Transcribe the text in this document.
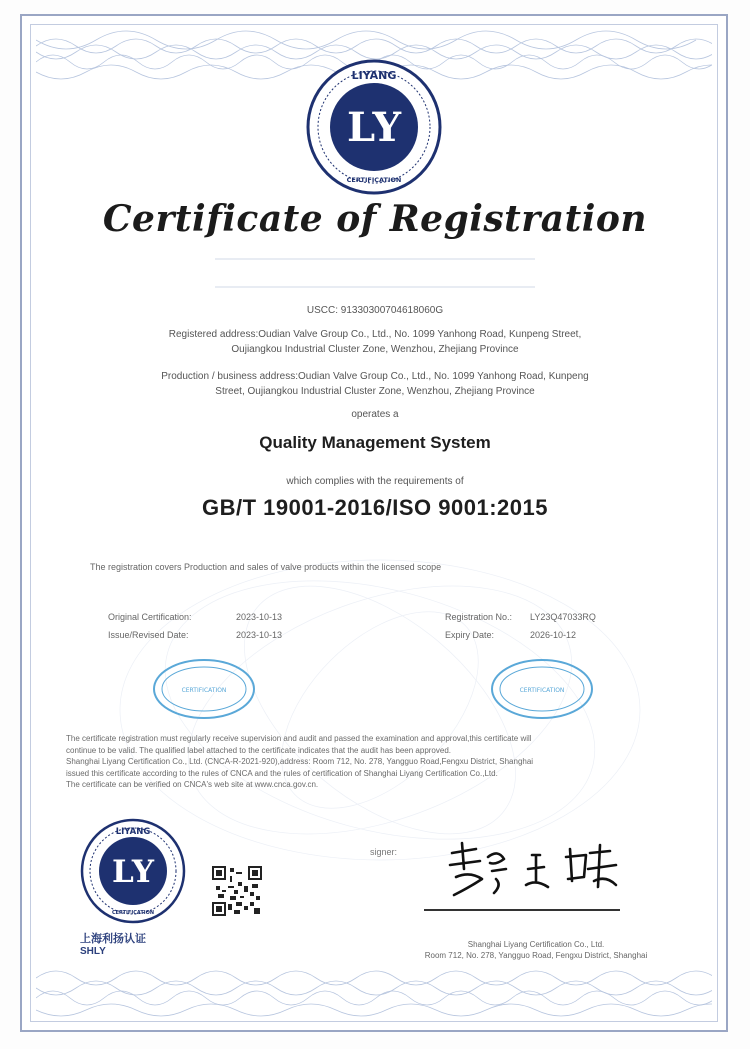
LIYANG
CERTIFICATION
LY
Certificate of Registration
USCC: 91330300704618060G
Registered address:Oudian Valve Group Co., Ltd., No. 1099 Yanhong Road, Kunpeng Street,
Oujiangkou Industrial Cluster Zone, Wenzhou, Zhejiang Province
Production / business address:Oudian Valve Group Co., Ltd., No. 1099 Yanhong Road, Kunpeng
Street, Oujiangkou Industrial Cluster Zone, Wenzhou, Zhejiang Province
operates a
Quality Management System
which complies with the requirements of
GB/T 19001-2016/ISO 9001:2015
The registration covers Production and sales of valve products within the licensed scope
Original Certification:	2023-10-13
Issue/Revised Date:	2023-10-13
Registration No.: LY23Q47033RQ
Expiry Date:	2026-10-12
CERTIFICATION	CERTIFICATION
The certificate registration must regularly receive supervision and audit and passed the examination and approval,this certificate will
continue to be valid. The qualified label attached to the certificate indicates that the audit has been approved.
Shanghai Liyang Certification Co., Ltd. (CNCA-R-2021-920),address: Room 712, No. 278, Yangguo Road,Fengxu District, Shanghai
issued this certificate according to the rules of CNCA and the rules of certification of Shanghai Liyang Certification Co.,Ltd.
The certificate can be verified on CNCA's web site at www.cnca.gov.cn.
LIYANG
CERTIFICATION
LY
上海利扬认证
SHLY
signer:
Shanghai Liyang Certification Co., Ltd.
Room 712, No. 278, Yangguo Road, Fengxu District, Shanghai
